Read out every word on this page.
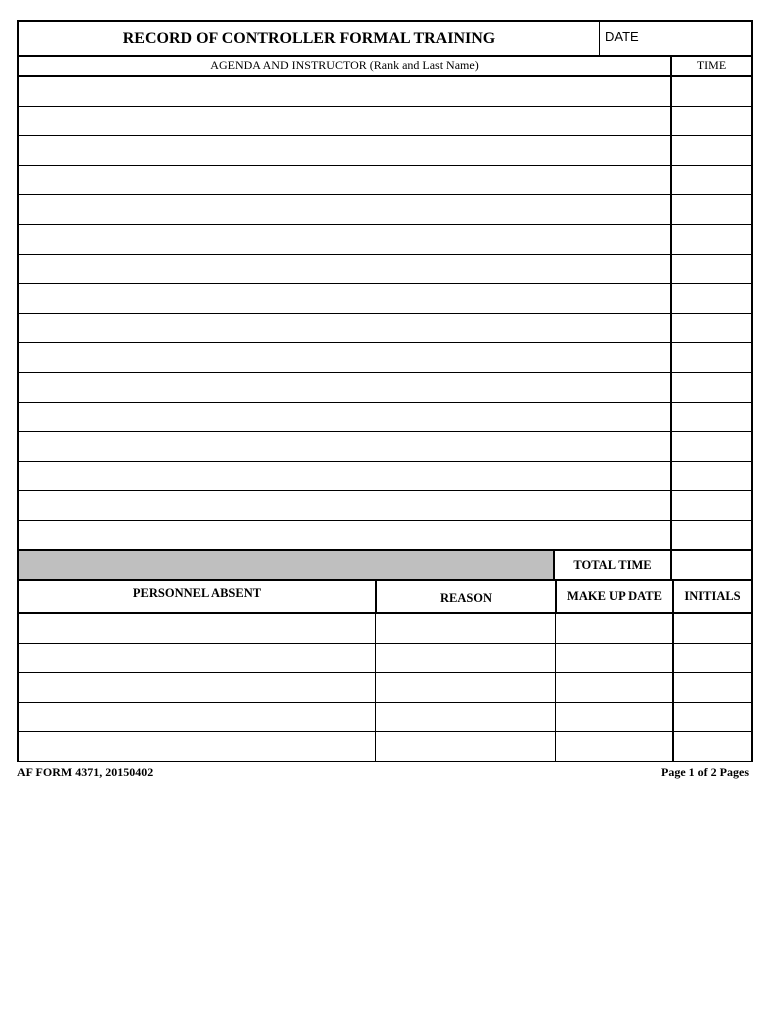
RECORD OF CONTROLLER FORMAL TRAINING	DATE
AGENDA AND INSTRUCTOR (Rank and Last Name)	TIME
TOTAL TIME
PERSONNEL ABSENT	REASON	MAKE UP DATE	INITIALS
AF FORM 4371, 20150402	Page 1 of 2 Pages
